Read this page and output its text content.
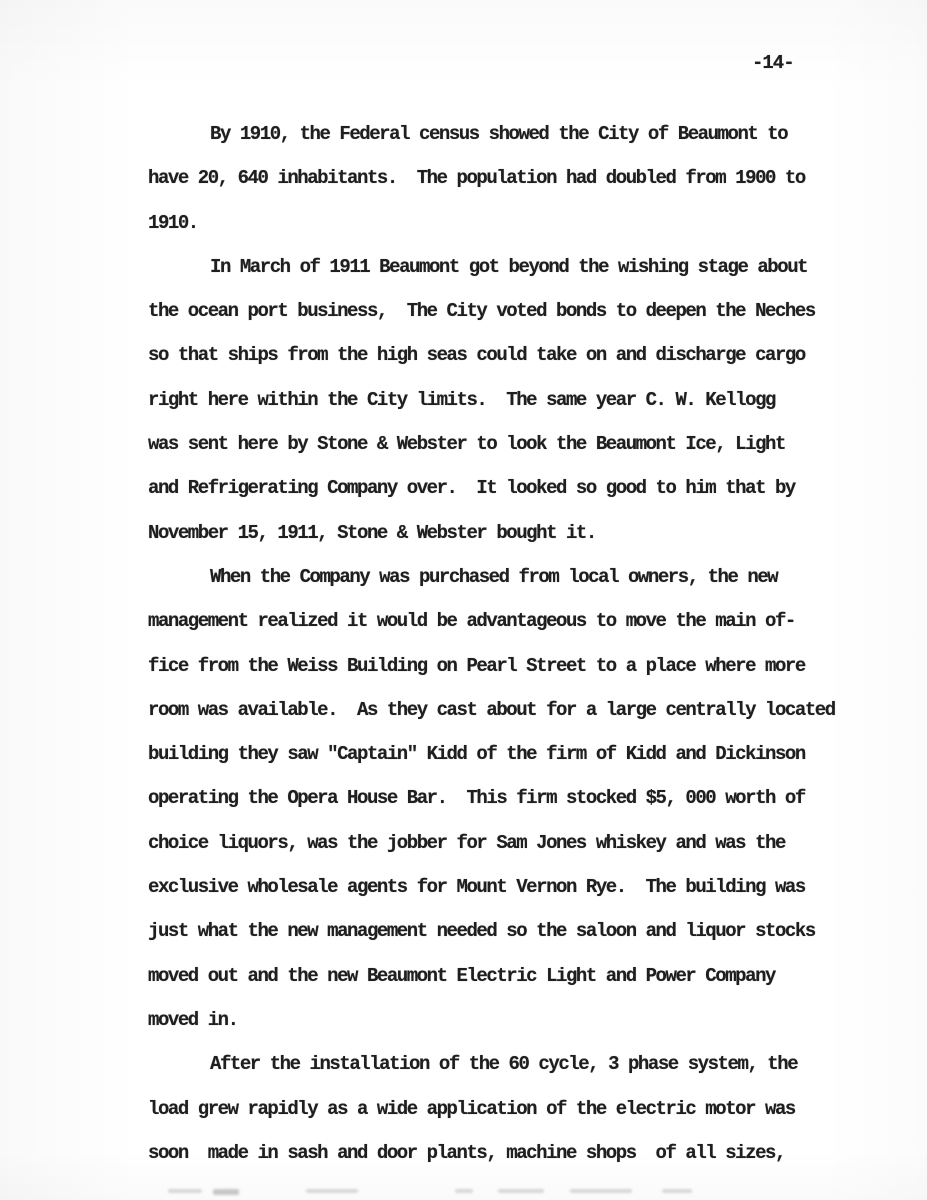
-14-
By 1910, the Federal census showed the City of Beaumont to
have 20, 640 inhabitants.  The population had doubled from 1900 to
1910.
In March of 1911 Beaumont got beyond the wishing stage about
the ocean port business,  The City voted bonds to deepen the Neches
so that ships from the high seas could take on and discharge cargo
right here within the City limits.  The same year C. W. Kellogg
was sent here by Stone & Webster to look the Beaumont Ice, Light
and Refrigerating Company over.  It looked so good to him that by
November 15, 1911, Stone & Webster bought it.
When the Company was purchased from local owners, the new
management realized it would be advantageous to move the main of-
fice from the Weiss Building on Pearl Street to a place where more
room was available.  As they cast about for a large centrally located
building they saw "Captain" Kidd of the firm of Kidd and Dickinson
operating the Opera House Bar.  This firm stocked $5, 000 worth of
choice liquors, was the jobber for Sam Jones whiskey and was the
exclusive wholesale agents for Mount Vernon Rye.  The building was
just what the new management needed so the saloon and liquor stocks
moved out and the new Beaumont Electric Light and Power Company
moved in.
After the installation of the 60 cycle, 3 phase system, the
load grew rapidly as a wide application of the electric motor was
soon  made in sash and door plants, machine shops  of all sizes,
